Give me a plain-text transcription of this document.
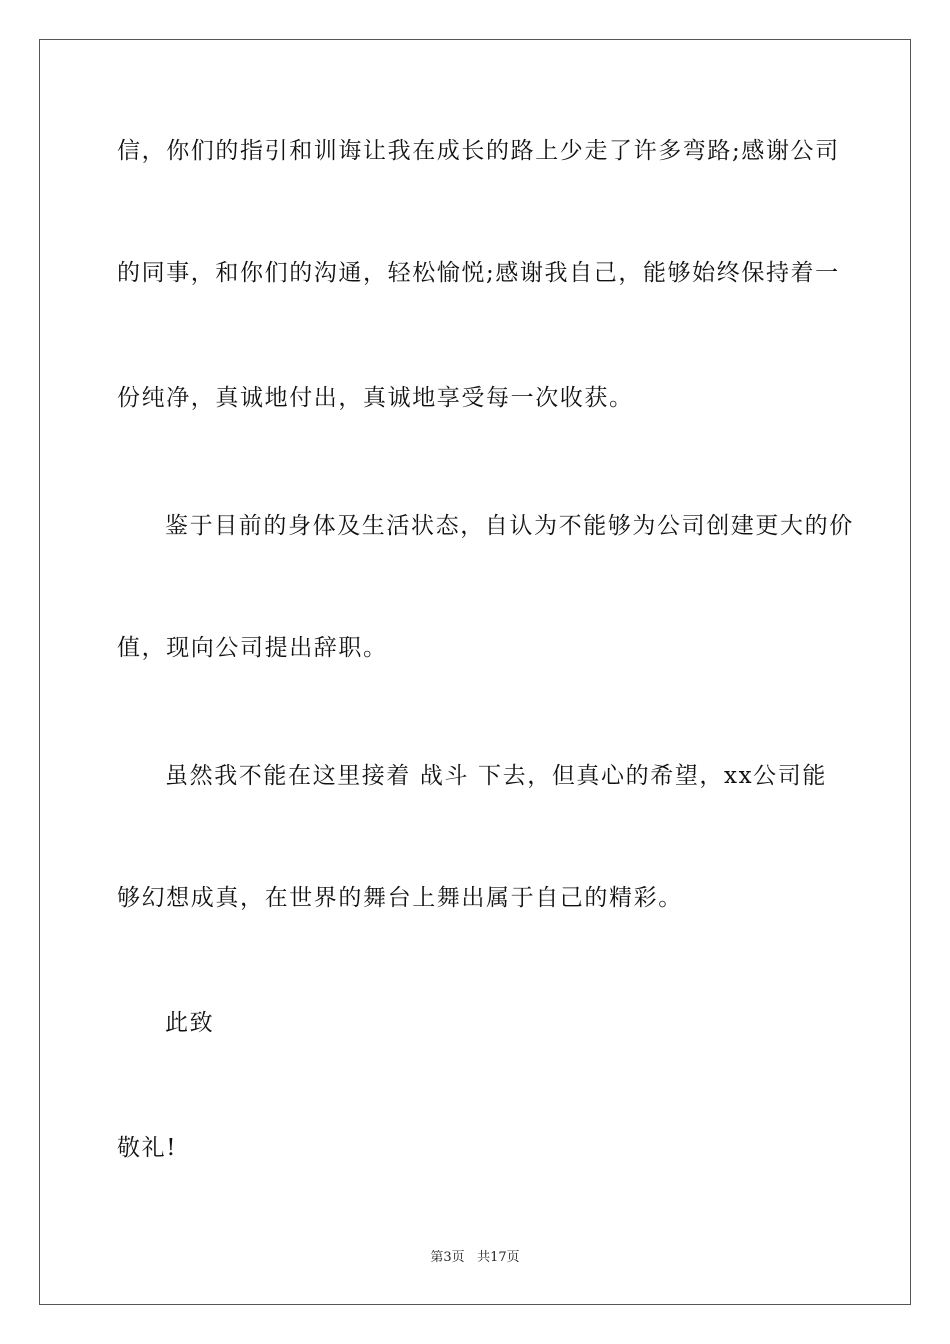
信，你们的指引和训诲让我在成长的路上少走了许多弯路;感谢公司
的同事，和你们的沟通，轻松愉悦;感谢我自己，能够始终保持着一
份纯净，真诚地付出，真诚地享受每一次收获。
鉴于目前的身体及生活状态，自认为不能够为公司创建更大的价
值，现向公司提出辞职。
虽然我不能在这里接着 战斗 下去，但真心的希望，xx公司能
够幻想成真，在世界的舞台上舞出属于自己的精彩。
此致
敬礼!
第3页 共17页
